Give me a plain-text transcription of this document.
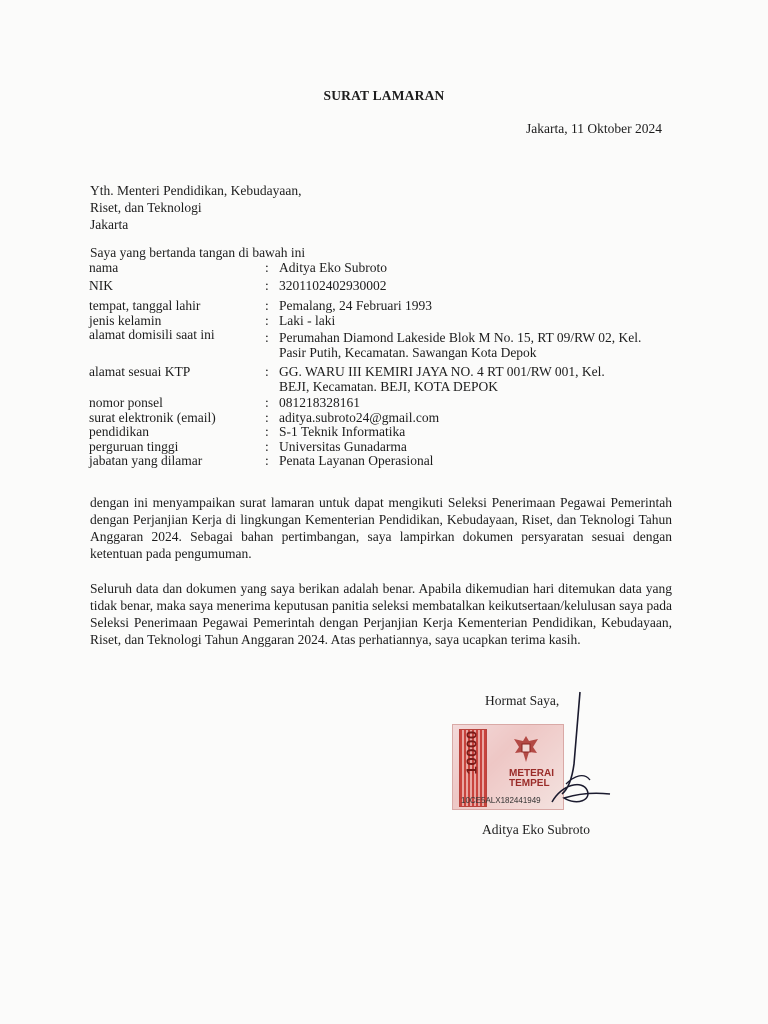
SURAT LAMARAN
Jakarta, 11 Oktober 2024
Yth. Menteri Pendidikan, Kebudayaan,
Riset, dan Teknologi
Jakarta
Saya yang bertanda tangan di bawah ini
nama	: Aditya Eko Subroto
NIK	: 3201102402930002
tempat, tanggal lahir	: Pemalang, 24 Februari 1993
jenis kelamin	: Laki - laki
alamat domisili saat ini	: Perumahan Diamond Lakeside Blok M No. 15, RT 09/RW 02, Kel.
Pasir Putih, Kecamatan. Sawangan Kota Depok
alamat sesuai KTP	: GG. WARU III KEMIRI JAYA NO. 4 RT 001/RW 001, Kel.
BEJI, Kecamatan. BEJI, KOTA DEPOK
nomor ponsel	: 081218328161
surat elektronik (email)	: aditya.subroto24@gmail.com
pendidikan	: S-1 Teknik Informatika
perguruan tinggi	: Universitas Gunadarma
jabatan yang dilamar	: Penata Layanan Operasional
dengan ini menyampaikan surat lamaran untuk dapat mengikuti Seleksi Penerimaan Pegawai Pemerintah dengan Perjanjian Kerja di lingkungan Kementerian Pendidikan, Kebudayaan, Riset, dan Teknologi Tahun Anggaran 2024. Sebagai bahan pertimbangan, saya lampirkan dokumen persyaratan sesuai dengan ketentuan pada pengumuman.
Seluruh data dan dokumen yang saya berikan adalah benar. Apabila dikemudian hari ditemukan data yang tidak benar, maka saya menerima keputusan panitia seleksi membatalkan keikutsertaan/kelulusan saya pada Seleksi Penerimaan Pegawai Pemerintah dengan Perjanjian Kerja Kementerian Pendidikan, Kebudayaan, Riset, dan Teknologi Tahun Anggaran 2024. Atas perhatiannya, saya ucapkan terima kasih.
Hormat Saya,
10000	METERAI
TEMPEL
10CE5ALX182441949
Aditya Eko Subroto
